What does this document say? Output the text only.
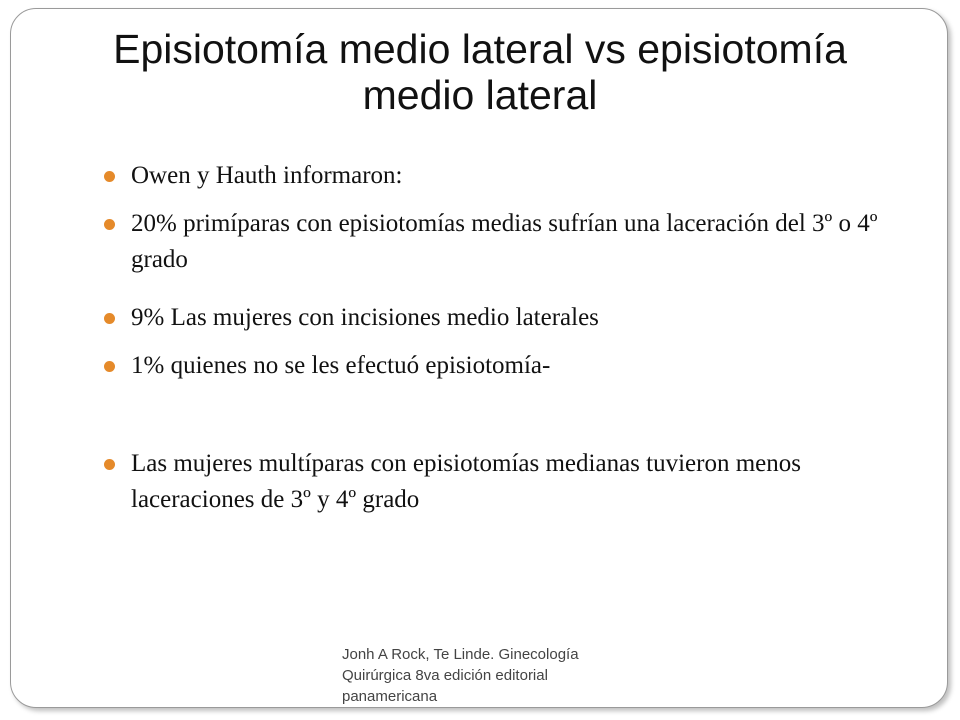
Episiotomía medio lateral vs episiotomía medio lateral
Owen y Hauth informaron:
20% primíparas con episiotomías medias sufrían una laceración del 3º o 4º grado
9% Las mujeres con incisiones medio laterales
1% quienes no se les efectuó episiotomía-
Las mujeres multíparas con episiotomías medianas tuvieron menos laceraciones de 3º y 4º grado
Jonh A Rock, Te Linde. Ginecología Quirúrgica 8va edición editorial panamericana
